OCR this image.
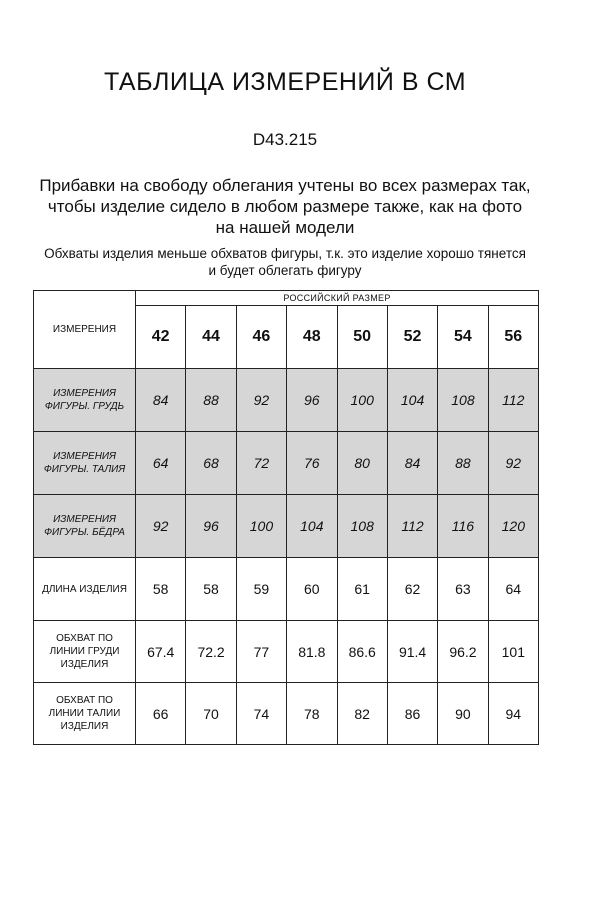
ТАБЛИЦА ИЗМЕРЕНИЙ В СМ
D43.215
Прибавки на свободу облегания учтены во всех размерах так,
чтобы изделие сидело в любом размере также, как на фото
на нашей модели
Обхваты изделия меньше обхватов фигуры, т.к. это изделие хорошо тянется
и будет облегать фигуру
ИЗМЕРЕНИЯ	РОССИЙСКИЙ РАЗМЕР							
	42	44	46	48	50	52	54	56

ИЗМЕРЕНИЯ
ФИГУРЫ. ГРУДЬ	84	88	92	96	100	104	108	112

ИЗМЕРЕНИЯ
ФИГУРЫ. ТАЛИЯ	64	68	72	76	80	84	88	92

ИЗМЕРЕНИЯ
ФИГУРЫ. БЁДРА	92	96	100	104	108	112	116	120

ДЛИНА ИЗДЕЛИЯ	58	58	59	60	61	62	63	64

ОБХВАТ ПО
ЛИНИИ ГРУДИ
ИЗДЕЛИЯ	67.4	72.2	77	81.8	86.6	91.4	96.2	101

ОБХВАТ ПО
ЛИНИИ ТАЛИИ
ИЗДЕЛИЯ	66	70	74	78	82	86	90	94
